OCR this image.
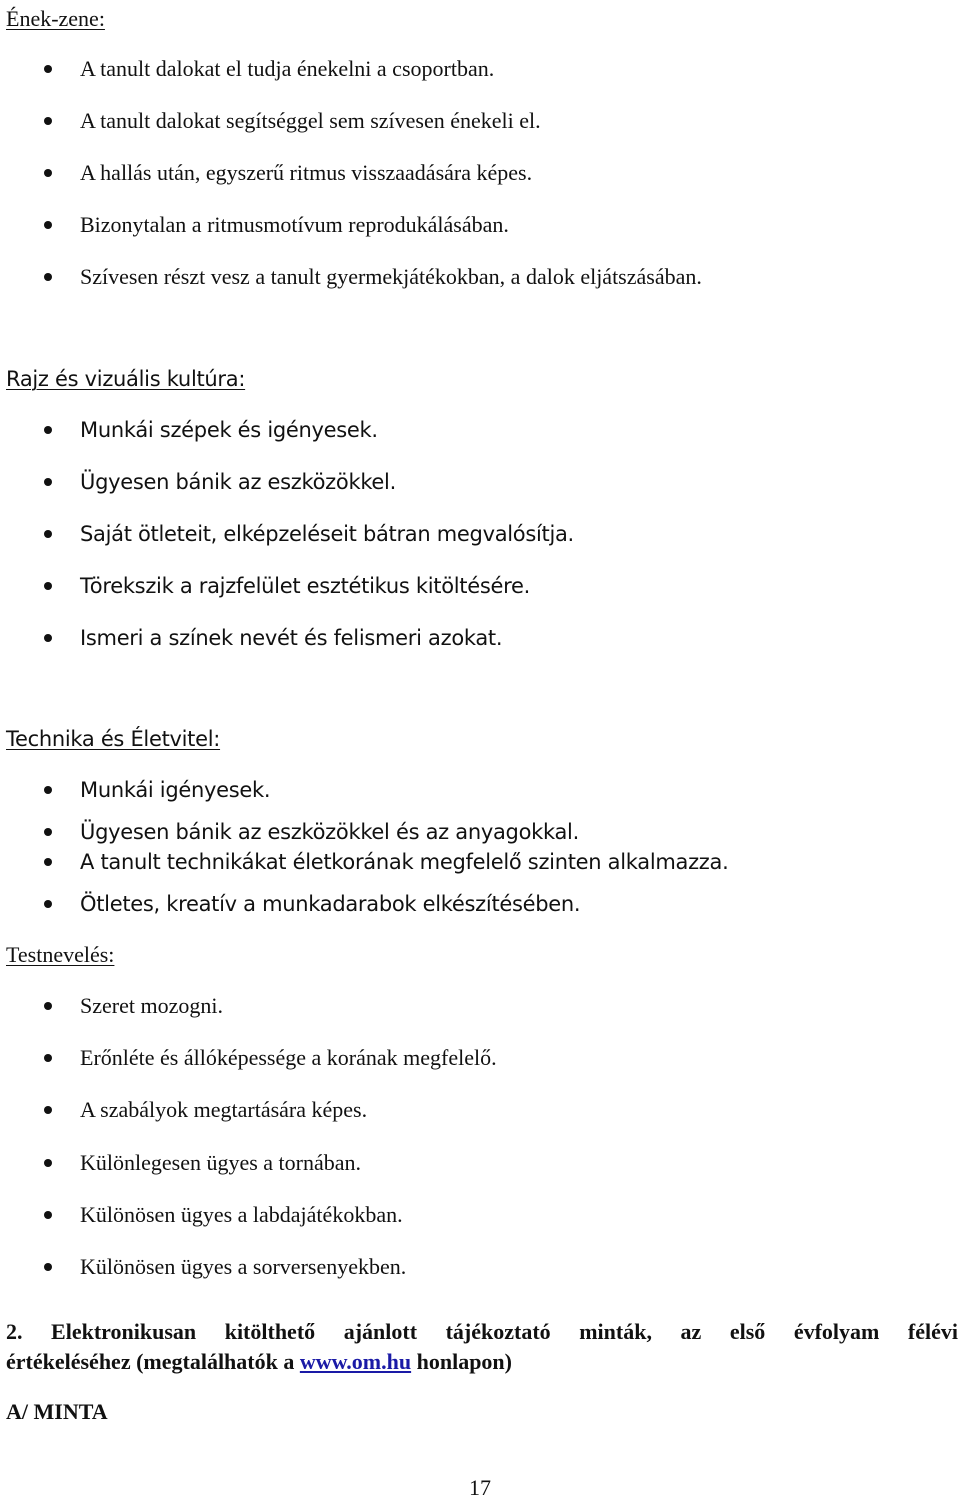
Ének-zene:
A tanult dalokat el tudja énekelni a csoportban.
A tanult dalokat segítséggel sem szívesen énekeli el.
A hallás után, egyszerű ritmus visszaadására képes.
Bizonytalan a ritmusmotívum reprodukálásában.
Szívesen részt vesz a tanult gyermekjátékokban, a dalok eljátszásában.
Rajz és vizuális kultúra:
Munkái szépek és igényesek.
Ügyesen bánik az eszközökkel.
Saját ötleteit, elképzeléseit bátran megvalósítja.
Törekszik a rajzfelület esztétikus kitöltésére.
Ismeri a színek nevét és felismeri azokat.
Technika és Életvitel:
Munkái igényesek.
Ügyesen bánik az eszközökkel és az anyagokkal.
A tanult technikákat életkorának megfelelő szinten alkalmazza.
Ötletes, kreatív a munkadarabok elkészítésében.
Testnevelés:
Szeret mozogni.
Erőnléte és állóképessége a korának megfelelő.
A szabályok megtartására képes.
Különlegesen ügyes a tornában.
Különösen ügyes a labdajátékokban.
Különösen ügyes a sorversenyekben.
2. Elektronikusan kitölthető ajánlott tájékoztató minták, az első évfolyam félévi
értékeléséhez (megtalálhatók a www.om.hu honlapon)
A/ MINTA
17
